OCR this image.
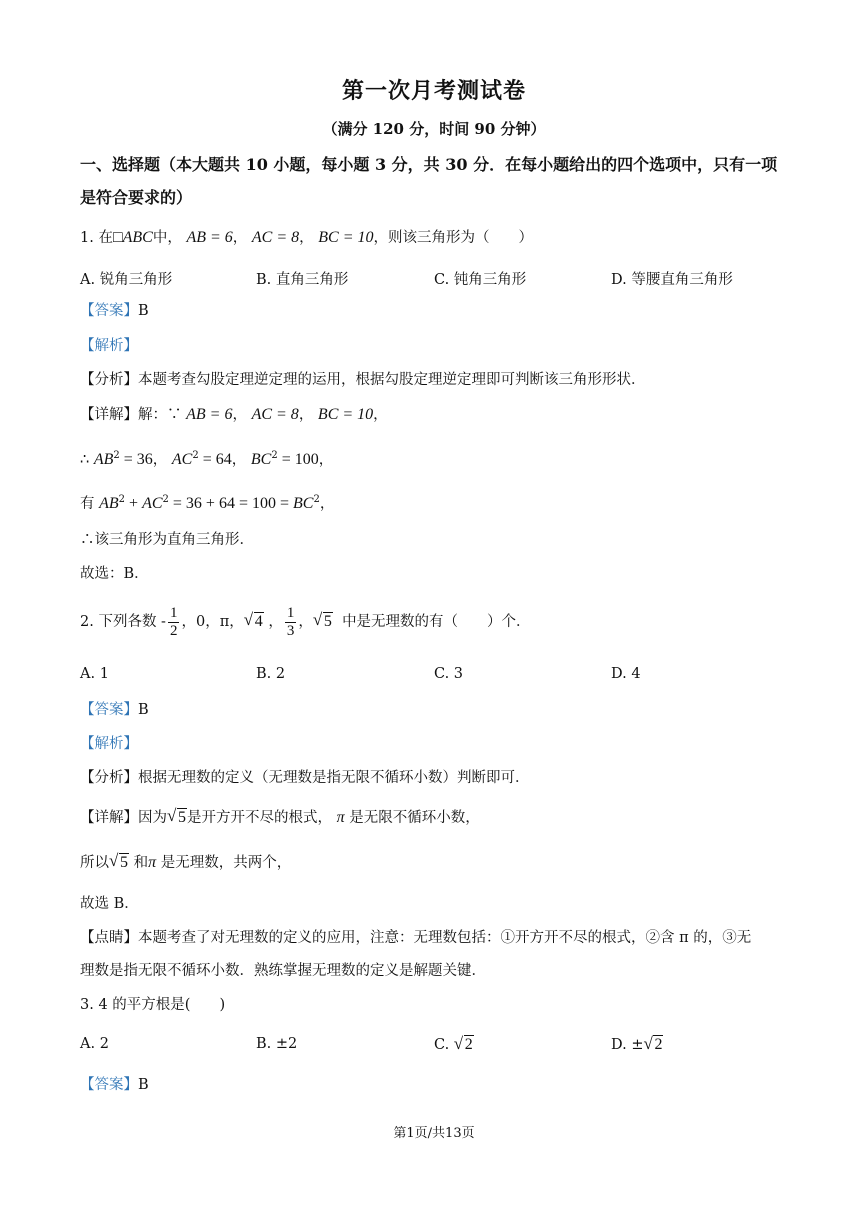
第一次月考测试卷
（满分 120 分，时间 90 分钟）
一、选择题（本大题共 10 小题，每小题 3 分，共 30 分．在每小题给出的四个选项中，只有一项是符合要求的）
1. 在□ABC中， AB = 6， AC = 8， BC = 10，则该三角形为（　　）
A. 锐角三角形	B. 直角三角形	C. 钝角三角形	D. 等腰直角三角形
【答案】B
【解析】
【分析】本题考查勾股定理逆定理的运用，根据勾股定理逆定理即可判断该三角形形状．
【详解】解：∵ AB = 6， AC = 8， BC = 10，
∴ $AB^2 = 36$， $AC^2 = 64$， $BC^2 = 100$，
有 $AB^2 + AC^2 = 36 + 64 = 100 = BC^2$，
∴该三角形为直角三角形．
故选：B．
2. 下列各数 - $\frac{1}{2}$ ，0，π， √ 4 ， $\frac{1}{3}$ ， √ 5 中是无理数的有（　　）个．
A. 1	B. 2	C. 3	D. 4
【答案】B
【解析】
【分析】根据无理数的定义（无理数是指无限不循环小数）判断即可．
【详解】因为 √ 5是开方开不尽的根式， π 是无限不循环小数，
所以 √ 5 和π 是无理数，共两个，
故选 B．
【点睛】本题考查了对无理数的定义的应用，注意：无理数包括：①开方开不尽的根式，②含 π 的，③无
理数是指无限不循环小数．熟练掌握无理数的定义是解题关键．
3. 4 的平方根是(　　)
A. 2	B. ±2	C. √ 2	D. ± √ 2
【答案】B
第1页/共13页
